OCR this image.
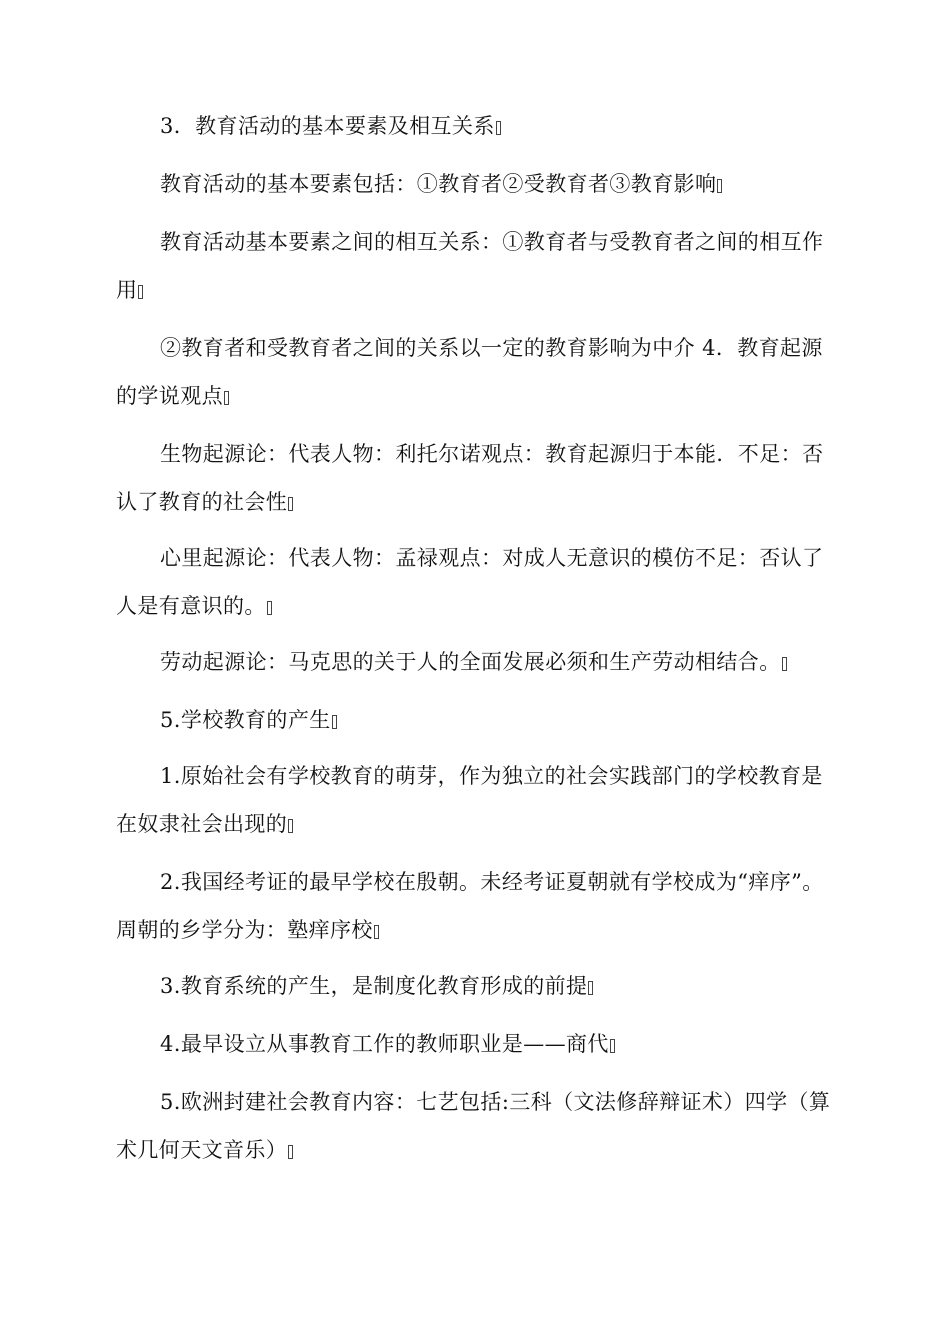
3．教育活动的基本要素及相互关系

教育活动的基本要素包括：①教育者②受教育者③教育影响

教育活动基本要素之间的相互关系：①教育者与受教育者之间的相互作用

②教育者和受教育者之间的关系以一定的教育影响为中介 4．教育起源的学说观点

生物起源论：代表人物：利托尔诺观点：教育起源归于本能．不足：否认了教育的社会性

心里起源论：代表人物：孟禄观点：对成人无意识的模仿不足：否认了人是有意识的。

劳动起源论：马克思的关于人的全面发展必须和生产劳动相结合。

5.学校教育的产生

1.原始社会有学校教育的萌芽，作为独立的社会实践部门的学校教育是在奴隶社会出现的

2.我国经考证的最早学校在殷朝。未经考证夏朝就有学校成为“痒序”。周朝的乡学分为：塾痒序校

3.教育系统的产生，是制度化教育形成的前提

4.最早设立从事教育工作的教师职业是——商代

5.欧洲封建社会教育内容：七艺包括:三科（文法修辞辩证术）四学（算术几何天文音乐）
